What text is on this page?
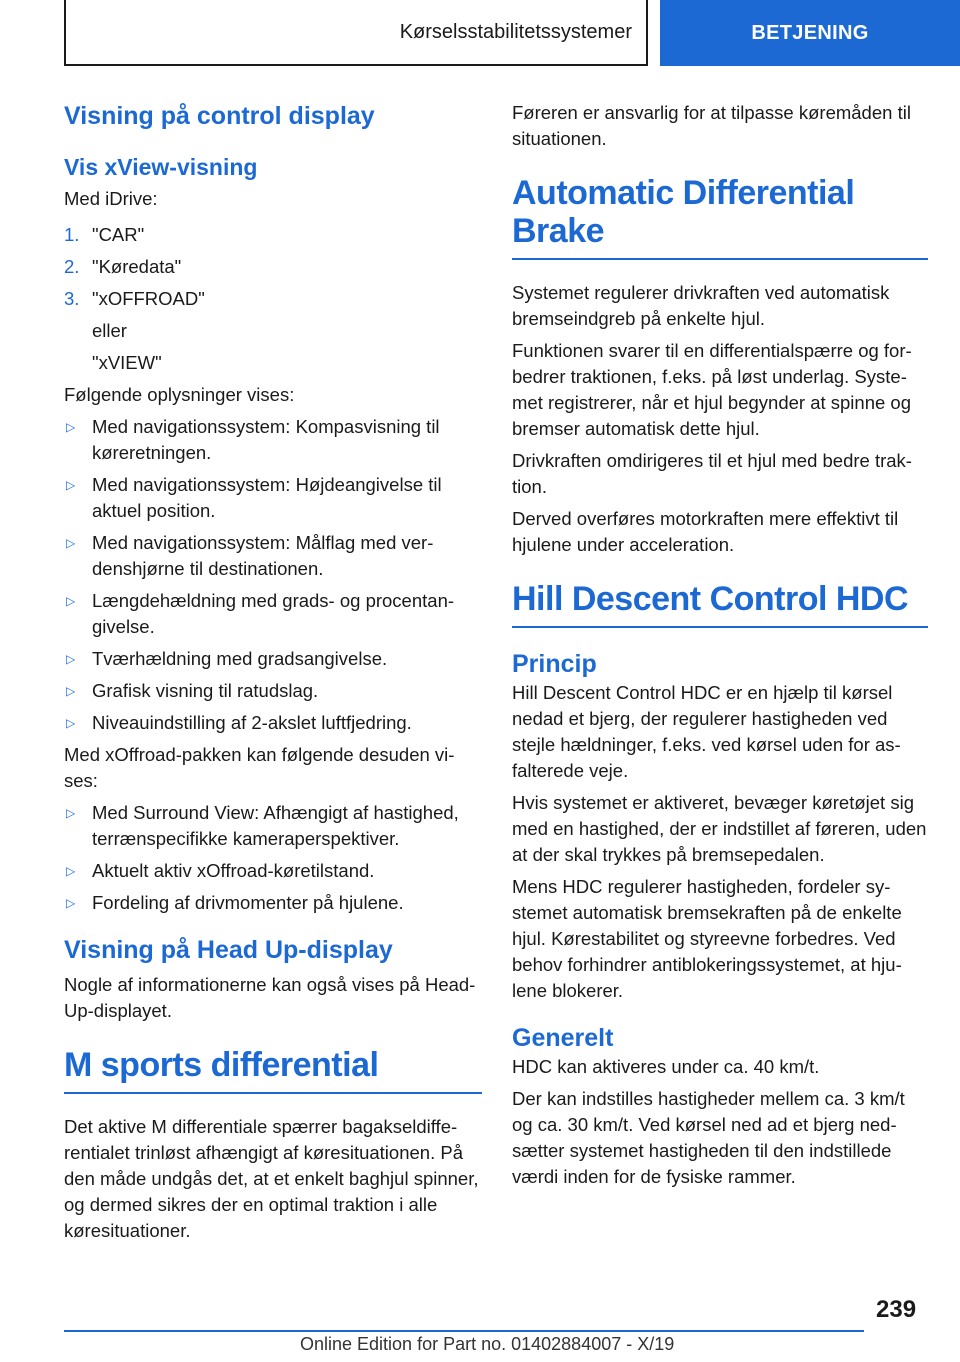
Kørselsstabilitetssystemer	BETJENING
Visning på control display
Vis xView-visning

Med iDrive:

1. "CAR"
2. "Køredata"
3. "xOFFROAD"
eller
"xVIEW"

Følgende oplysninger vises:

▷ Med navigationssystem: Kompasvisning til køreretningen.
▷ Med navigationssystem: Højdeangivelse til aktuel position.
▷ Med navigationssystem: Målflag med verdenshjørne til destinationen.
▷ Længdehældning med grads- og procentangivelse.
▷ Tværhældning med gradsangivelse.
▷ Grafisk visning til ratudslag.
▷ Niveauindstilling af 2-akslet luftfjedring.

Med xOffroad-pakken kan følgende desuden vises:

▷ Med Surround View: Afhængigt af hastighed, terrænspecifikke kameraperspektiver.
▷ Aktuelt aktiv xOffroad-køretilstand.
▷ Fordeling af drivmomenter på hjulene.
Visning på Head Up-display

Nogle af informationerne kan også vises på Head-Up-displayet.

M sports differential

Det aktive M differentiale spærrer bagakseldifferentialet trinløst afhængigt af køresituationen. På den måde undgås det, at et enkelt baghjul spinner, og dermed sikres der en optimal traktion i alle køresituationer.

Føreren er ansvarlig for at tilpasse køremåden til situationen.

Automatic Differential Brake

Systemet regulerer drivkraften ved automatisk bremseindgreb på enkelte hjul.

Funktionen svarer til en differentialspærre og forbedrer traktionen, f.eks. på løst underlag. Systemet registrerer, når et hjul begynder at spinne og bremser automatisk dette hjul.

Drivkraften omdirigeres til et hjul med bedre traktion.

Derved overføres motorkraften mere effektivt til hjulene under acceleration.

Hill Descent Control HDC
Princip

Hill Descent Control HDC er en hjælp til kørsel nedad et bjerg, der regulerer hastigheden ved stejle hældninger, f.eks. ved kørsel uden for asfalterede veje.

Hvis systemet er aktiveret, bevæger køretøjet sig med en hastighed, der er indstillet af føreren, uden at der skal trykkes på bremsepedalen.

Mens HDC regulerer hastigheden, fordeler systemet automatisk bremsekraften på de enkelte hjul. Kørestabilitet og styreevne forbedres. Ved behov forhindrer antiblokeringssystemet, at hjulene blokerer.

Generelt

HDC kan aktiveres under ca. 40 km/t.

Der kan indstilles hastigheder mellem ca. 3 km/t og ca. 30 km/t. Ved kørsel ned ad et bjerg nedsætter systemet hastigheden til den indstillede værdi inden for de fysiske rammer.

239
Online Edition for Part no. 01402884007 - X/19
